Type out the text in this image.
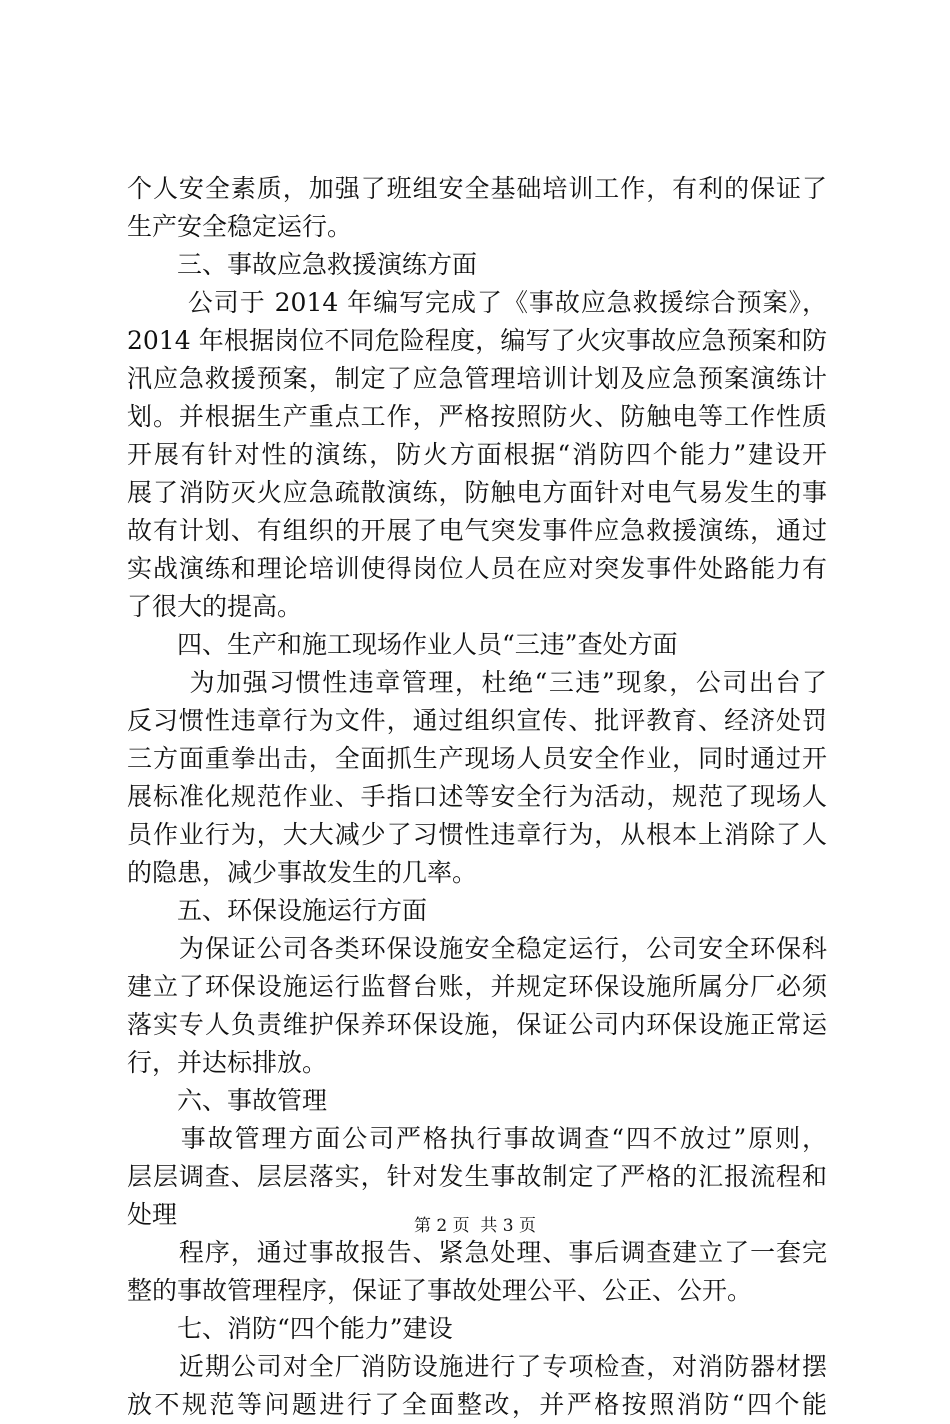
个人安全素质，加强了班组安全基础培训工作，有利的保证了
生产安全稳定运行。
　　三、事故应急救援演练方面
　　 公司于 2014 年编写完成了《事故应急救援综合预案》，
2014 年根据岗位不同危险程度，编写了火灾事故应急预案和防
汛应急救援预案，制定了应急管理培训计划及应急预案演练计
划。并根据生产重点工作，严格按照防火、防触电等工作性质
开展有针对性的演练，防火方面根据“消防四个能力”建设开
展了消防灭火应急疏散演练，防触电方面针对电气易发生的事
故有计划、有组织的开展了电气突发事件应急救援演练，通过
实战演练和理论培训使得岗位人员在应对突发事件处路能力有
了很大的提高。
　　四、生产和施工现场作业人员“三违”查处方面
　　 为加强习惯性违章管理，杜绝“三违”现象，公司出台了
反习惯性违章行为文件，通过组织宣传、批评教育、经济处罚
三方面重拳出击，全面抓生产现场人员安全作业，同时通过开
展标准化规范作业、手指口述等安全行为活动，规范了现场人
员作业行为，大大减少了习惯性违章行为，从根本上消除了人
的隐患，减少事故发生的几率。
　　五、环保设施运行方面
　　为保证公司各类环保设施安全稳定运行，公司安全环保科
建立了环保设施运行监督台账，并规定环保设施所属分厂必须
落实专人负责维护保养环保设施，保证公司内环保设施正常运
行，并达标排放。
　　六、事故管理
　　事故管理方面公司严格执行事故调查“四不放过”原则，
层层调查、层层落实，针对发生事故制定了严格的汇报流程和
处理
　　程序，通过事故报告、紧急处理、事后调查建立了一套完
整的事故管理程序，保证了事故处理公平、公正、公开。
　　七、消防“四个能力”建设
　　近期公司对全厂消防设施进行了专项检查，对消防器材摆
放不规范等问题进行了全面整改，并严格按照消防“四个能
第 2 页  共 3 页
